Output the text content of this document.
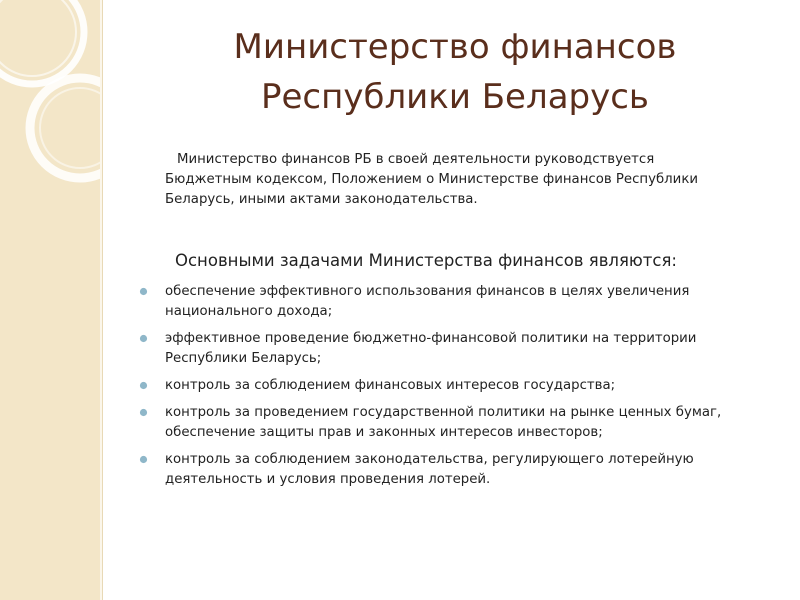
Министерство финансов
Республики Беларусь

Министерство финансов РБ в своей деятельности руководствуется Бюджетным кодексом, Положением о Министерстве финансов Республики Беларусь, иными актами законодательства.

Основными задачами Министерства финансов являются:

обеспечение эффективного использования финансов в целях увеличения национального дохода;
эффективное проведение бюджетно-финансовой политики на территории Республики Беларусь;
контроль за соблюдением финансовых интересов государства;
контроль за проведением государственной политики на рынке ценных бумаг, обеспечение защиты прав и законных интересов инвесторов;
контроль за соблюдением законодательства, регулирующего лотерейную деятельность и условия проведения лотерей.
